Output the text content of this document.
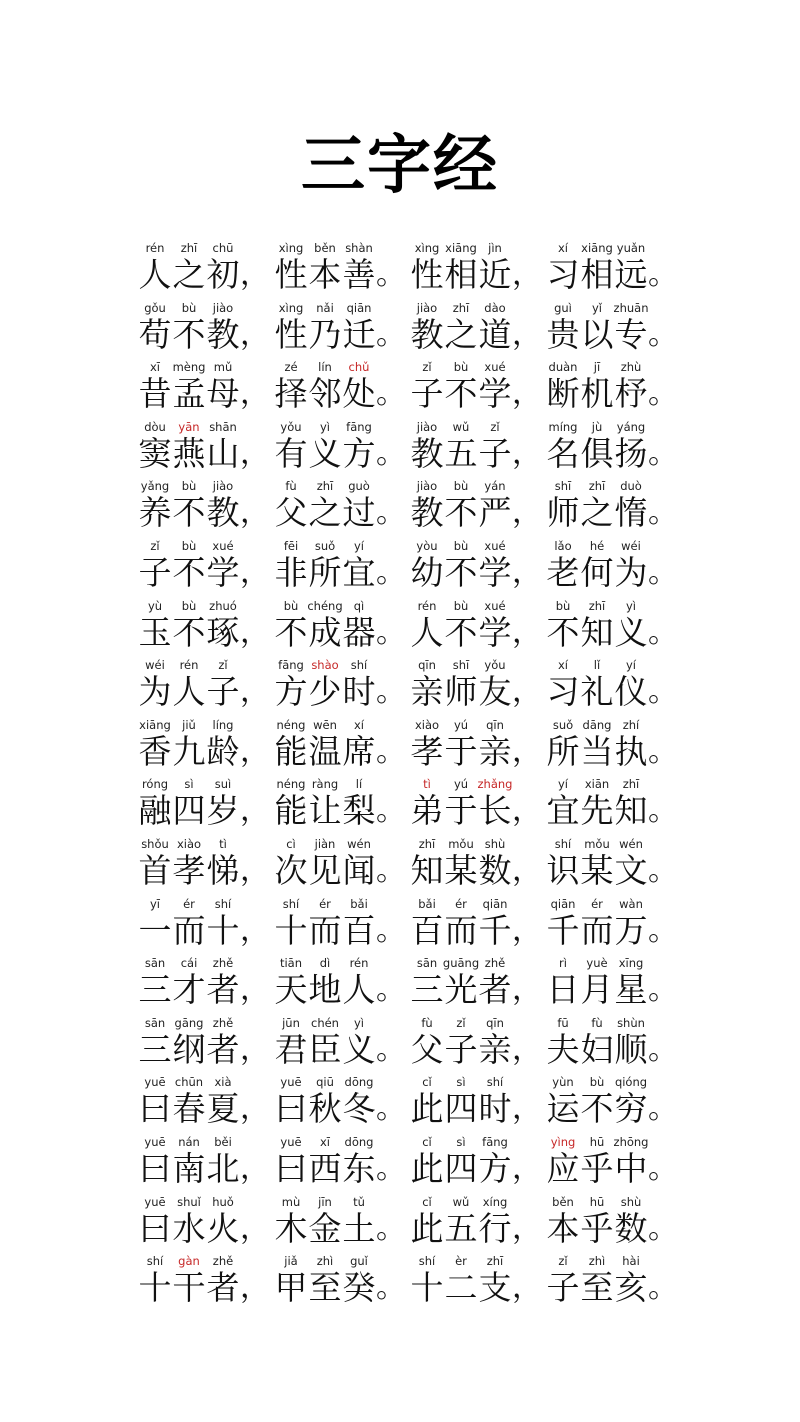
三字经
rén
人
zhī
之
chū
初 ，
xìng
性
běn
本
shàn
善 。
xìng
性
xiāng
相
jìn
近 ，
xí
习
xiāng
相
yuǎn
远 。
gǒu
苟
bù
不
jiào
教 ，
xìng
性
nǎi
乃
qiān
迁 。
jiào
教
zhī
之
dào
道 ，
guì
贵
yǐ
以
zhuān
专 。
xī
昔
mèng
孟
mǔ
母 ，
zé
择
lín
邻
chǔ
处 。
zǐ
子
bù
不
xué
学 ，
duàn
断
jī
机
zhù
杼 。
dòu
窦
yān
燕
shān
山 ，
yǒu
有
yì
义
fāng
方 。
jiào
教
wǔ
五
zǐ
子 ，
míng
名
jù
俱
yáng
扬 。
yǎng
养
bù
不
jiào
教 ，
fù
父
zhī
之
guò
过 。
jiào
教
bù
不
yán
严 ，
shī
师
zhī
之
duò
惰 。
zǐ
子
bù
不
xué
学 ，
fēi
非
suǒ
所
yí
宜 。
yòu
幼
bù
不
xué
学 ，
lǎo
老
hé
何
wéi
为 。
yù
玉
bù
不
zhuó
琢 ，
bù
不
chéng
成
qì
器 。
rén
人
bù
不
xué
学 ，
bù
不
zhī
知
yì
义 。
wéi
为
rén
人
zǐ
子 ，
fāng
方
shào
少
shí
时 。
qīn
亲
shī
师
yǒu
友 ，
xí
习
lǐ
礼
yí
仪 。
xiāng
香
jiǔ
九
líng
龄 ，
néng
能
wēn
温
xí
席 。
xiào
孝
yú
于
qīn
亲 ，
suǒ
所
dāng
当
zhí
执 。
róng
融
sì
四
suì
岁 ，
néng
能
ràng
让
lí
梨 。
tì
弟
yú
于
zhǎng
长 ，
yí
宜
xiān
先
zhī
知 。
shǒu
首
xiào
孝
tì
悌 ，
cì
次
jiàn
见
wén
闻 。
zhī
知
mǒu
某
shù
数 ，
shí
识
mǒu
某
wén
文 。
yī
一
ér
而
shí
十 ，
shí
十
ér
而
bǎi
百 。
bǎi
百
ér
而
qiān
千 ，
qiān
千
ér
而
wàn
万 。
sān
三
cái
才
zhě
者 ，
tiān
天
dì
地
rén
人 。
sān
三
guāng
光
zhě
者 ，
rì
日
yuè
月
xīng
星 。
sān
三
gāng
纲
zhě
者 ，
jūn
君
chén
臣
yì
义 。
fù
父
zǐ
子
qīn
亲 ，
fū
夫
fù
妇
shùn
顺 。
yuē
曰
chūn
春
xià
夏 ，
yuē
曰
qiū
秋
dōng
冬 。
cǐ
此
sì
四
shí
时 ，
yùn
运
bù
不
qióng
穷 。
yuē
曰
nán
南
běi
北 ，
yuē
曰
xī
西
dōng
东 。
cǐ
此
sì
四
fāng
方 ，
yìng
应
hū
乎
zhōng
中 。
yuē
曰
shuǐ
水
huǒ
火 ，
mù
木
jīn
金
tǔ
土 。
cǐ
此
wǔ
五
xíng
行 ，
běn
本
hū
乎
shù
数 。
shí
十
gàn
干
zhě
者 ，
jiǎ
甲
zhì
至
guǐ
癸 。
shí
十
èr
二
zhī
支 ，
zǐ
子
zhì
至
hài
亥 。
